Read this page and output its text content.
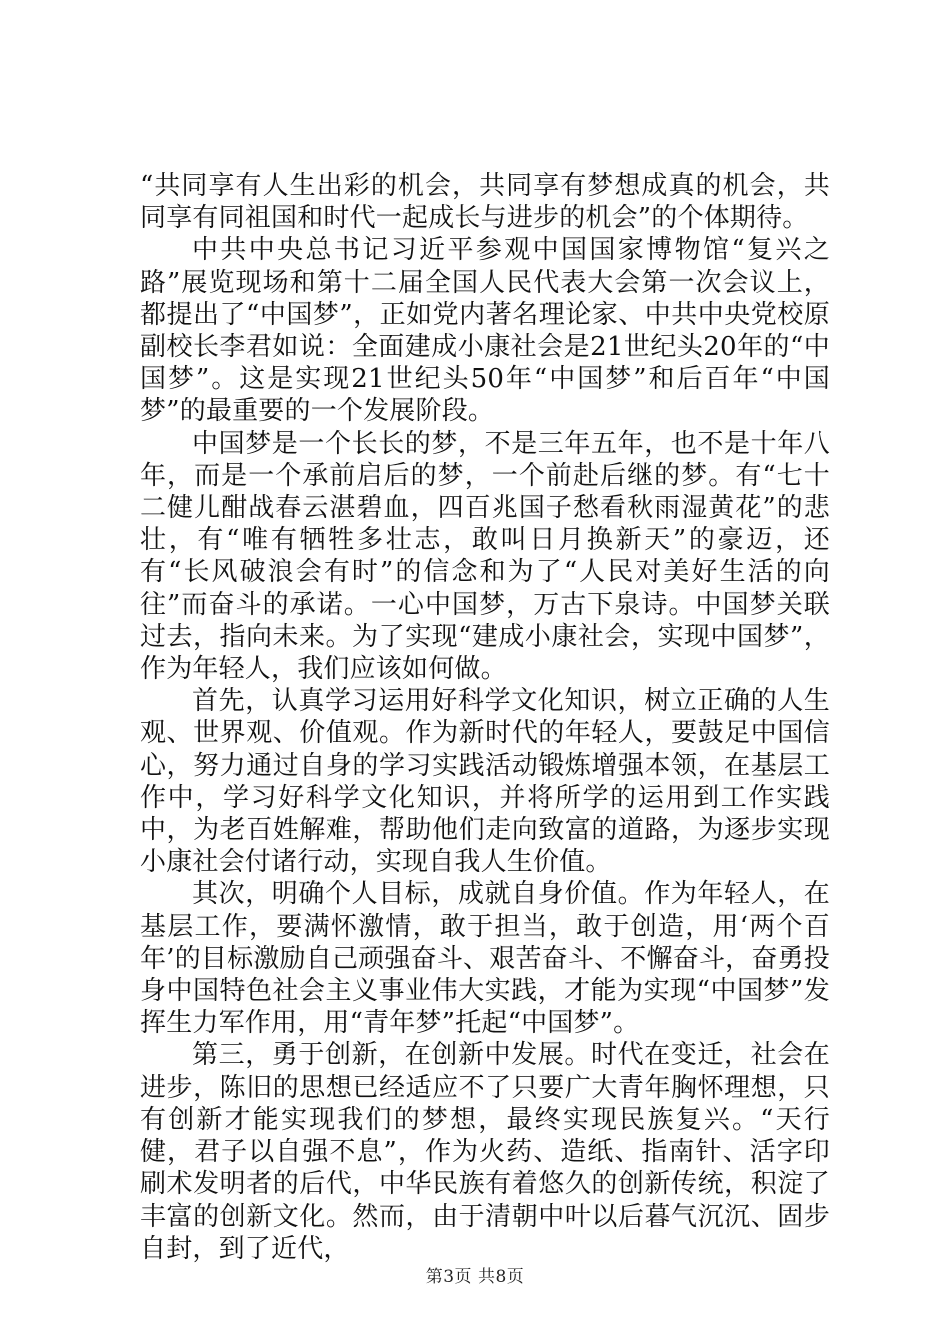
“共同享有人生出彩的机会，共同享有梦想成真的机会，共同享有同祖国和时代一起成长与进步的机会”的个体期待。

中共中央总书记习近平参观中国国家博物馆“复兴之路”展览现场和第十二届全国人民代表大会第一次会议上，都提出了“中国梦”，正如党内著名理论家、中共中央党校原副校长李君如说：全面建成小康社会是21世纪头20年的“中国梦”。这是实现21世纪头50年“中国梦”和后百年“中国梦”的最重要的一个发展阶段。

中国梦是一个长长的梦，不是三年五年，也不是十年八年，而是一个承前启后的梦，一个前赴后继的梦。有“七十二健儿酣战春云湛碧血，四百兆国子愁看秋雨湿黄花”的悲壮，有“唯有牺牲多壮志，敢叫日月换新天”的豪迈，还有“长风破浪会有时”的信念和为了“人民对美好生活的向往”而奋斗的承诺。一心中国梦，万古下泉诗。中国梦关联过去，指向未来。为了实现“建成小康社会，实现中国梦”，作为年轻人，我们应该如何做。

首先，认真学习运用好科学文化知识，树立正确的人生观、世界观、价值观。作为新时代的年轻人，要鼓足中国信心，努力通过自身的学习实践活动锻炼增强本领，在基层工作中，学习好科学文化知识，并将所学的运用到工作实践中，为老百姓解难，帮助他们走向致富的道路，为逐步实现小康社会付诸行动，实现自我人生价值。

其次，明确个人目标，成就自身价值。作为年轻人，在基层工作，要满怀激情，敢于担当，敢于创造，用‘两个百年’的目标激励自己顽强奋斗、艰苦奋斗、不懈奋斗，奋勇投身中国特色社会主义事业伟大实践，才能为实现“中国梦”发挥生力军作用，用“青年梦”托起“中国梦”。

第三，勇于创新，在创新中发展。时代在变迁，社会在进步，陈旧的思想已经适应不了只要广大青年胸怀理想，只有创新才能实现我们的梦想，最终实现民族复兴。“天行健，君子以自强不息”，作为火药、造纸、指南针、活字印刷术发明者的后代，中华民族有着悠久的创新传统，积淀了丰富的创新文化。然而，由于清朝中叶以后暮气沉沉、固步自封，到了近代，

第3页 共8页
